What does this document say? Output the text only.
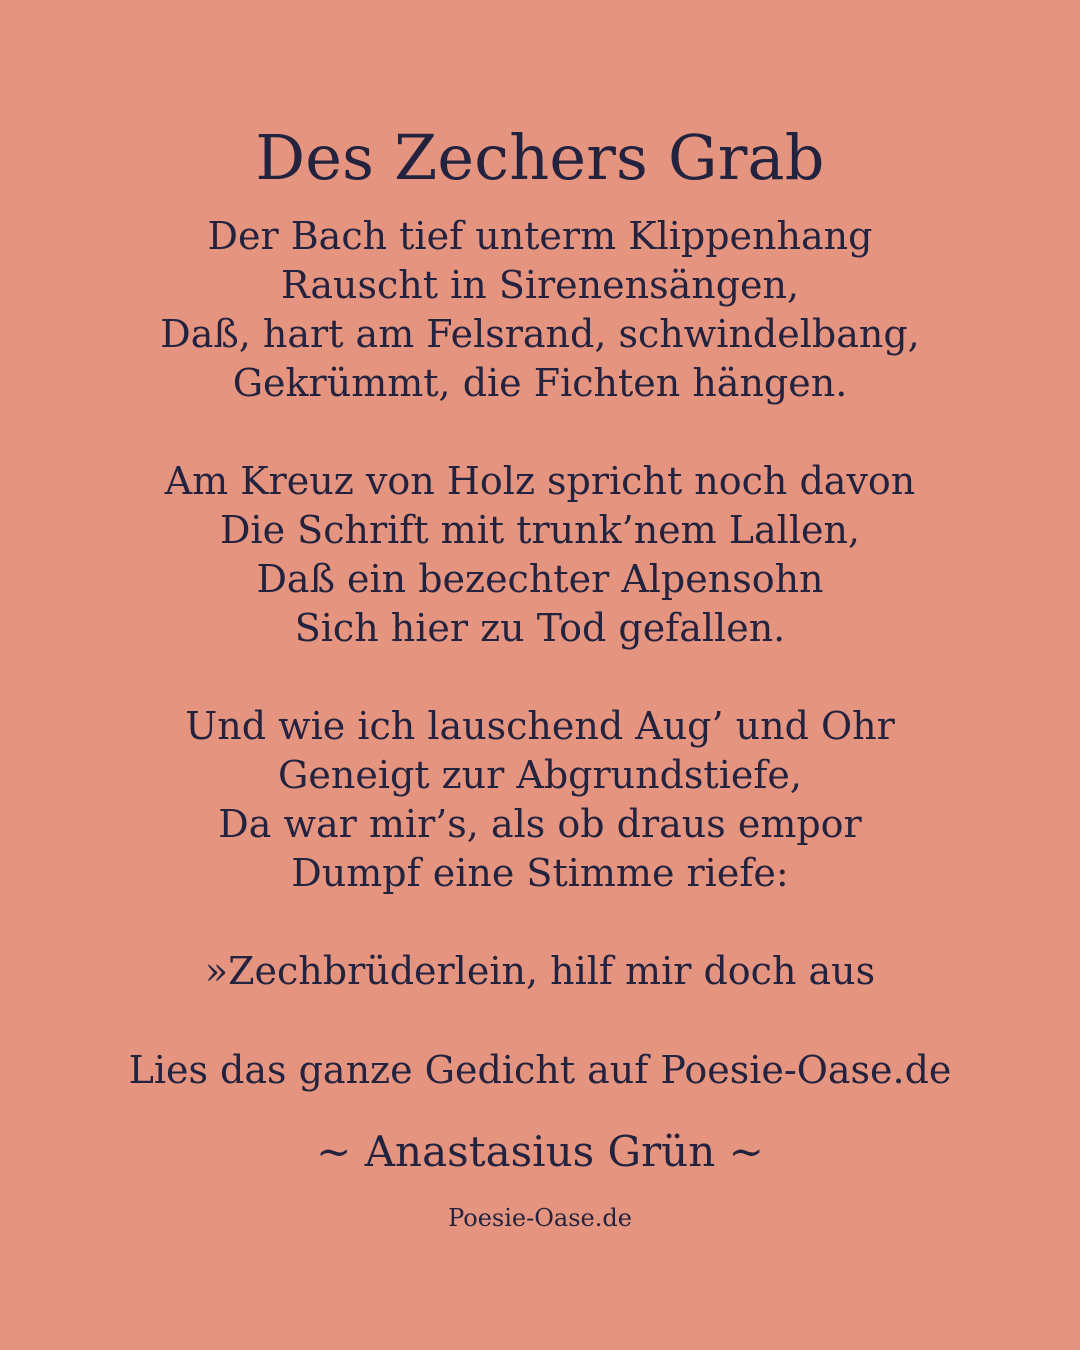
Des Zechers Grab
Der Bach tief unterm Klippenhang
Rauscht in Sirenensängen,
Daß, hart am Felsrand, schwindelbang,
Gekrümmt, die Fichten hängen.
Am Kreuz von Holz spricht noch davon
Die Schrift mit trunk’nem Lallen,
Daß ein bezechter Alpensohn
Sich hier zu Tod gefallen.
Und wie ich lauschend Aug’ und Ohr
Geneigt zur Abgrundstiefe,
Da war mir’s, als ob draus empor
Dumpf eine Stimme riefe:
»Zechbrüderlein, hilf mir doch aus
Lies das ganze Gedicht auf Poesie-Oase.de
~ Anastasius Grün ~
Poesie-Oase.de
